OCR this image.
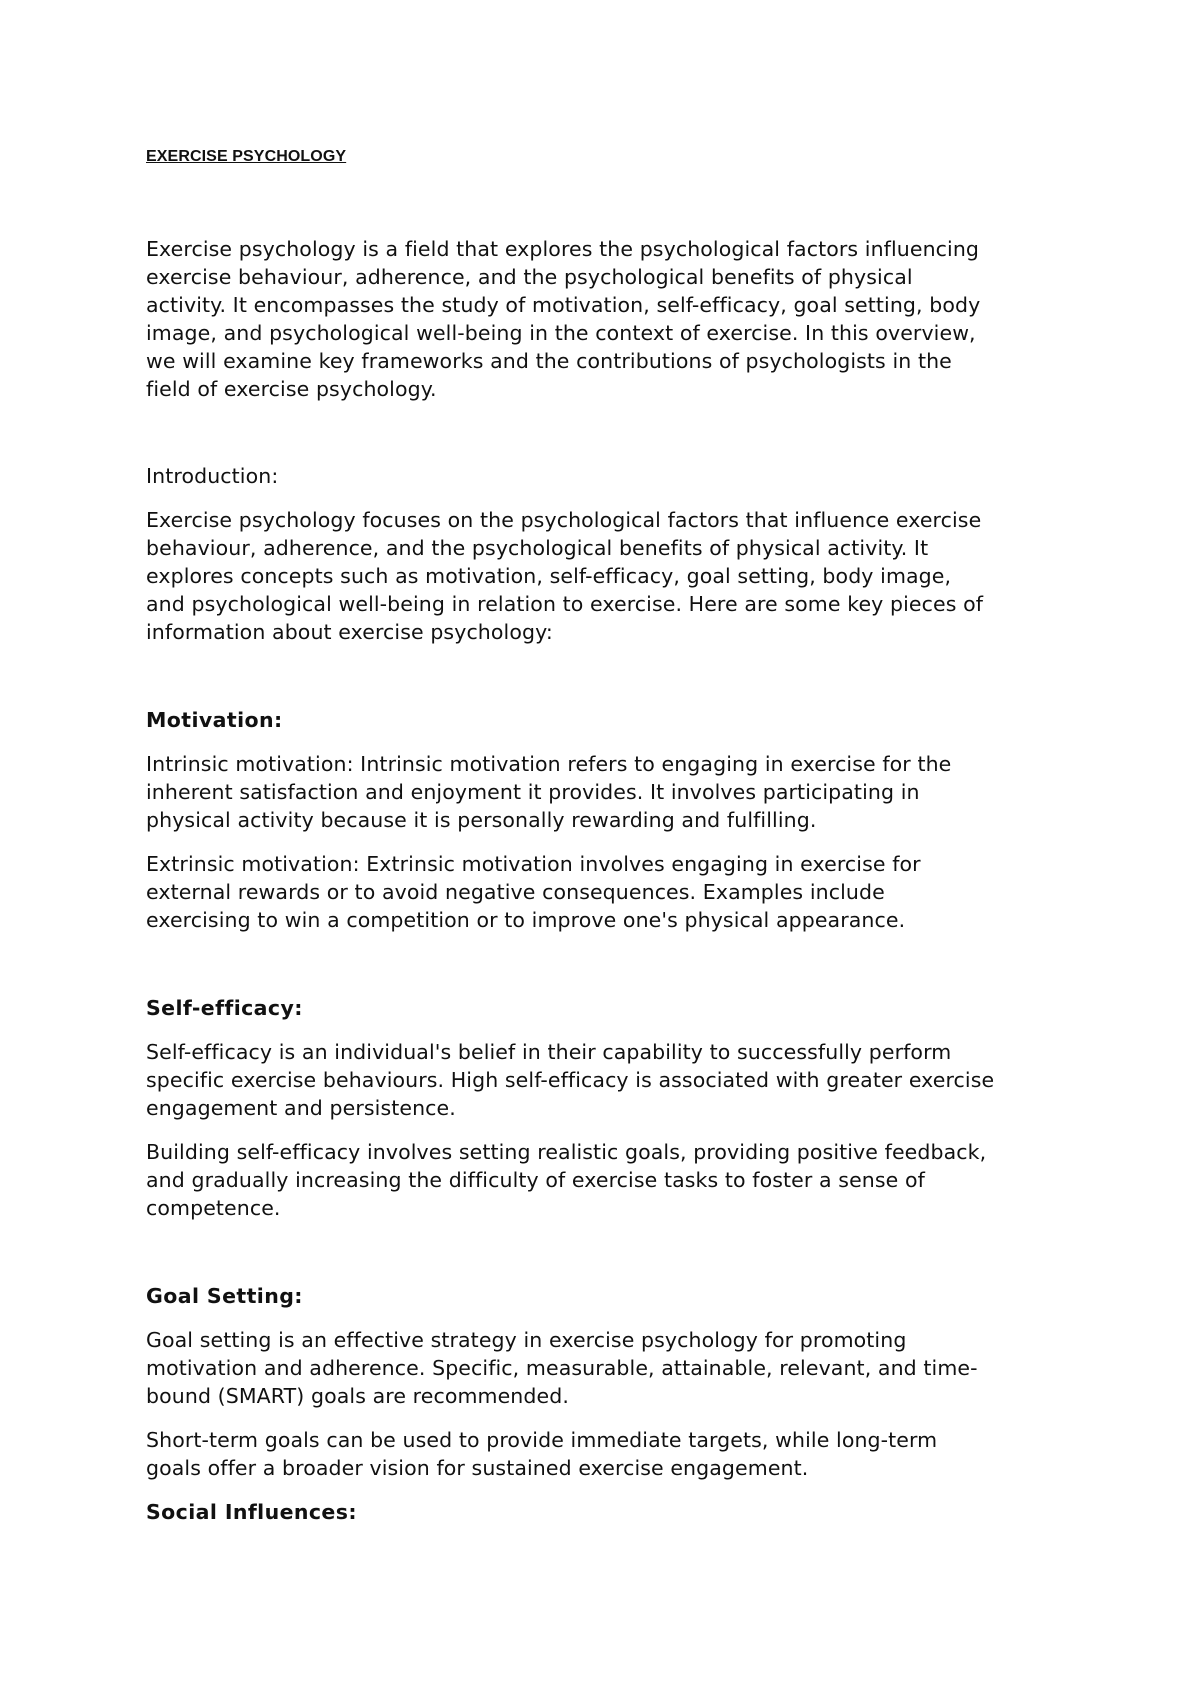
EXERCISE PSYCHOLOGY

Exercise psychology is a field that explores the psychological factors influencing
exercise behaviour, adherence, and the psychological benefits of physical
activity. It encompasses the study of motivation, self-efficacy, goal setting, body
image, and psychological well-being in the context of exercise. In this overview,
we will examine key frameworks and the contributions of psychologists in the
field of exercise psychology.

Introduction:

Exercise psychology focuses on the psychological factors that influence exercise
behaviour, adherence, and the psychological benefits of physical activity. It
explores concepts such as motivation, self-efficacy, goal setting, body image,
and psychological well-being in relation to exercise. Here are some key pieces of
information about exercise psychology:

Motivation:

Intrinsic motivation: Intrinsic motivation refers to engaging in exercise for the
inherent satisfaction and enjoyment it provides. It involves participating in
physical activity because it is personally rewarding and fulfilling.

Extrinsic motivation: Extrinsic motivation involves engaging in exercise for
external rewards or to avoid negative consequences. Examples include
exercising to win a competition or to improve one's physical appearance.

Self-efficacy:

Self-efficacy is an individual's belief in their capability to successfully perform
specific exercise behaviours. High self-efficacy is associated with greater exercise
engagement and persistence.

Building self-efficacy involves setting realistic goals, providing positive feedback,
and gradually increasing the difficulty of exercise tasks to foster a sense of
competence.

Goal Setting:

Goal setting is an effective strategy in exercise psychology for promoting
motivation and adherence. Specific, measurable, attainable, relevant, and time-
bound (SMART) goals are recommended.

Short-term goals can be used to provide immediate targets, while long-term
goals offer a broader vision for sustained exercise engagement.

Social Influences:
